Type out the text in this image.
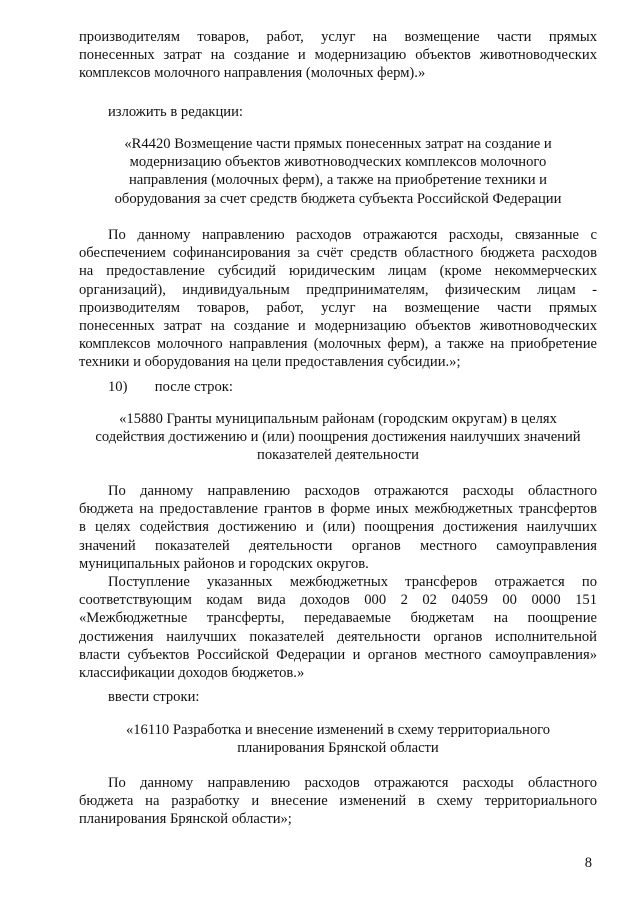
производителям товаров, работ, услуг на возмещение части прямых
понесенных затрат на создание и модернизацию объектов животноводческих
комплексов молочного направления (молочных ферм).»
изложить в редакции:
«R4420 Возмещение части прямых понесенных затрат на создание и
модернизацию объектов животноводческих комплексов молочного
направления (молочных ферм), а также на приобретение техники и
оборудования за счет средств бюджета субъекта Российской Федерации
По данному направлению расходов отражаются расходы, связанные с
обеспечением софинансирования за счёт средств областного бюджета расходов
на предоставление субсидий юридическим лицам (кроме некоммерческих
организаций), индивидуальным предпринимателям, физическим лицам -
производителям товаров, работ, услуг на возмещение части прямых
понесенных затрат на создание и модернизацию объектов животноводческих
комплексов молочного направления (молочных ферм), а также на приобретение
техники и оборудования на цели предоставления субсидии.»;
10) после строк:
«15880 Гранты муниципальным районам (городским округам) в целях
содействия достижению и (или) поощрения достижения наилучших значений
показателей деятельности
По данному направлению расходов отражаются расходы областного
бюджета на предоставление грантов в форме иных межбюджетных трансфертов
в целях содействия достижению и (или) поощрения достижения наилучших
значений показателей деятельности органов местного самоуправления
муниципальных районов и городских округов.
Поступление указанных межбюджетных трансферов отражается по
соответствующим кодам вида доходов 000 2 02 04059 00 0000 151
«Межбюджетные трансферты, передаваемые бюджетам на поощрение
достижения наилучших показателей деятельности органов исполнительной
власти субъектов Российской Федерации и органов местного самоуправления»
классификации доходов бюджетов.»
ввести строки:
«16110 Разработка и внесение изменений в схему территориального
планирования Брянской области
По данному направлению расходов отражаются расходы областного
бюджета на разработку и внесение изменений в схему территориального
планирования Брянской области»;
8
